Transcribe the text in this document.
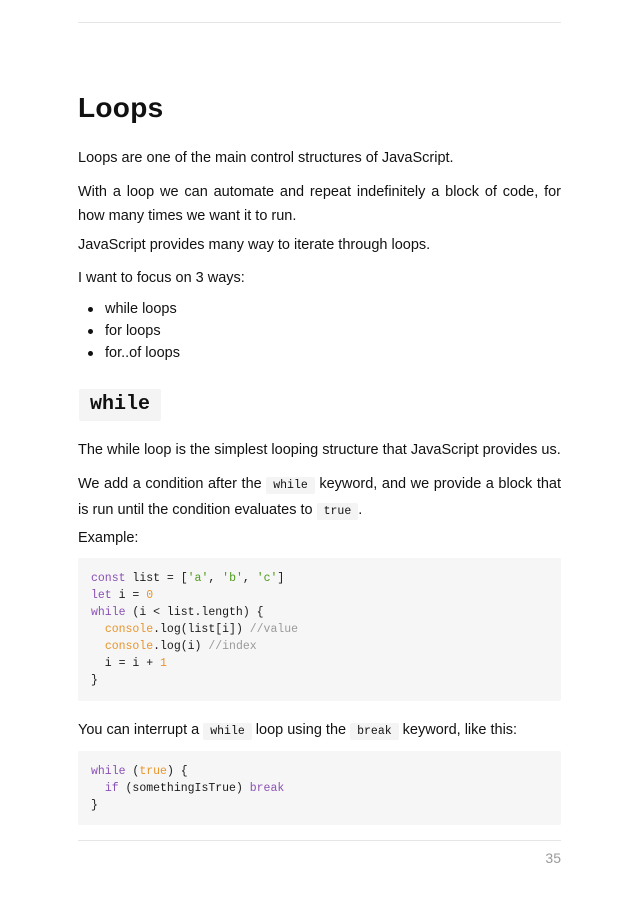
Loops

Loops are one of the main control structures of JavaScript.

With a loop we can automate and repeat indefinitely a block of code, for how many times we want it to run.

JavaScript provides many way to iterate through loops.

I want to focus on 3 ways:

while loops
for loops
for..of loops
while

The while loop is the simplest looping structure that JavaScript provides us.

We add a condition after the while keyword, and we provide a block that is run until the condition evaluates to true .

Example:

const list = ['a', 'b', 'c']
let i = 0
while (i < list.length) {
console.log(list[i]) //value
console.log(i) //index
i = i + 1
}

You can interrupt a while loop using the break keyword, like this:

while (true) {
if (somethingIsTrue) break
}
35
